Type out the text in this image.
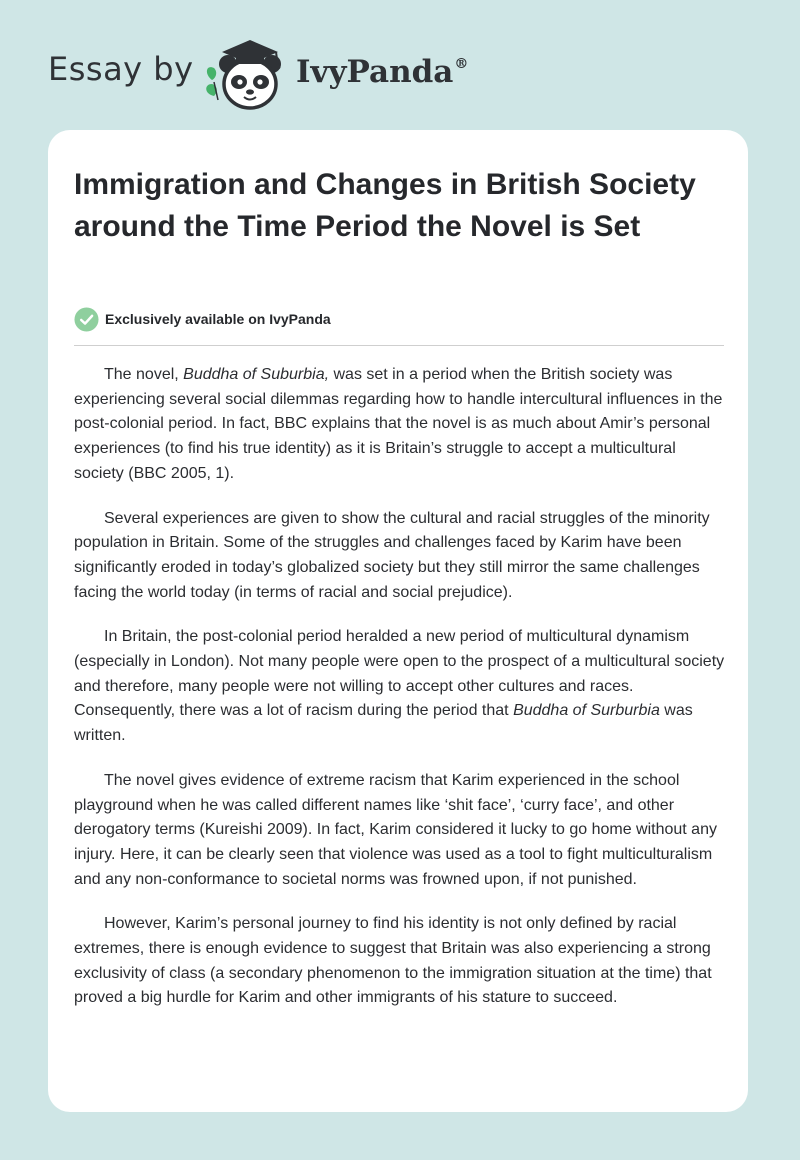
Essay by	IvyPanda®
Immigration and Changes in British Society around the Time Period the Novel is Set
Exclusively available on IvyPanda

The novel, Buddha of Suburbia, was set in a period when the British society was experiencing several social dilemmas regarding how to handle intercultural influences in the post-colonial period. In fact, BBC explains that the novel is as much about Amir’s personal experiences (to find his true identity) as it is Britain’s struggle to accept a multicultural society (BBC 2005, 1).

Several experiences are given to show the cultural and racial struggles of the minority population in Britain. Some of the struggles and challenges faced by Karim have been significantly eroded in today’s globalized society but they still mirror the same challenges facing the world today (in terms of racial and social prejudice).

In Britain, the post-colonial period heralded a new period of multicultural dynamism (especially in London). Not many people were open to the prospect of a multicultural society and therefore, many people were not willing to accept other cultures and races. Consequently, there was a lot of racism during the period that Buddha of Surburbia was written.

The novel gives evidence of extreme racism that Karim experienced in the school playground when he was called different names like ‘shit face’, ‘curry face’, and other derogatory terms (Kureishi 2009). In fact, Karim considered it lucky to go home without any injury. Here, it can be clearly seen that violence was used as a tool to fight multiculturalism and any non-conformance to societal norms was frowned upon, if not punished.

However, Karim’s personal journey to find his identity is not only defined by racial extremes, there is enough evidence to suggest that Britain was also experiencing a strong exclusivity of class (a secondary phenomenon to the immigration situation at the time) that proved a big hurdle for Karim and other immigrants of his stature to succeed.
